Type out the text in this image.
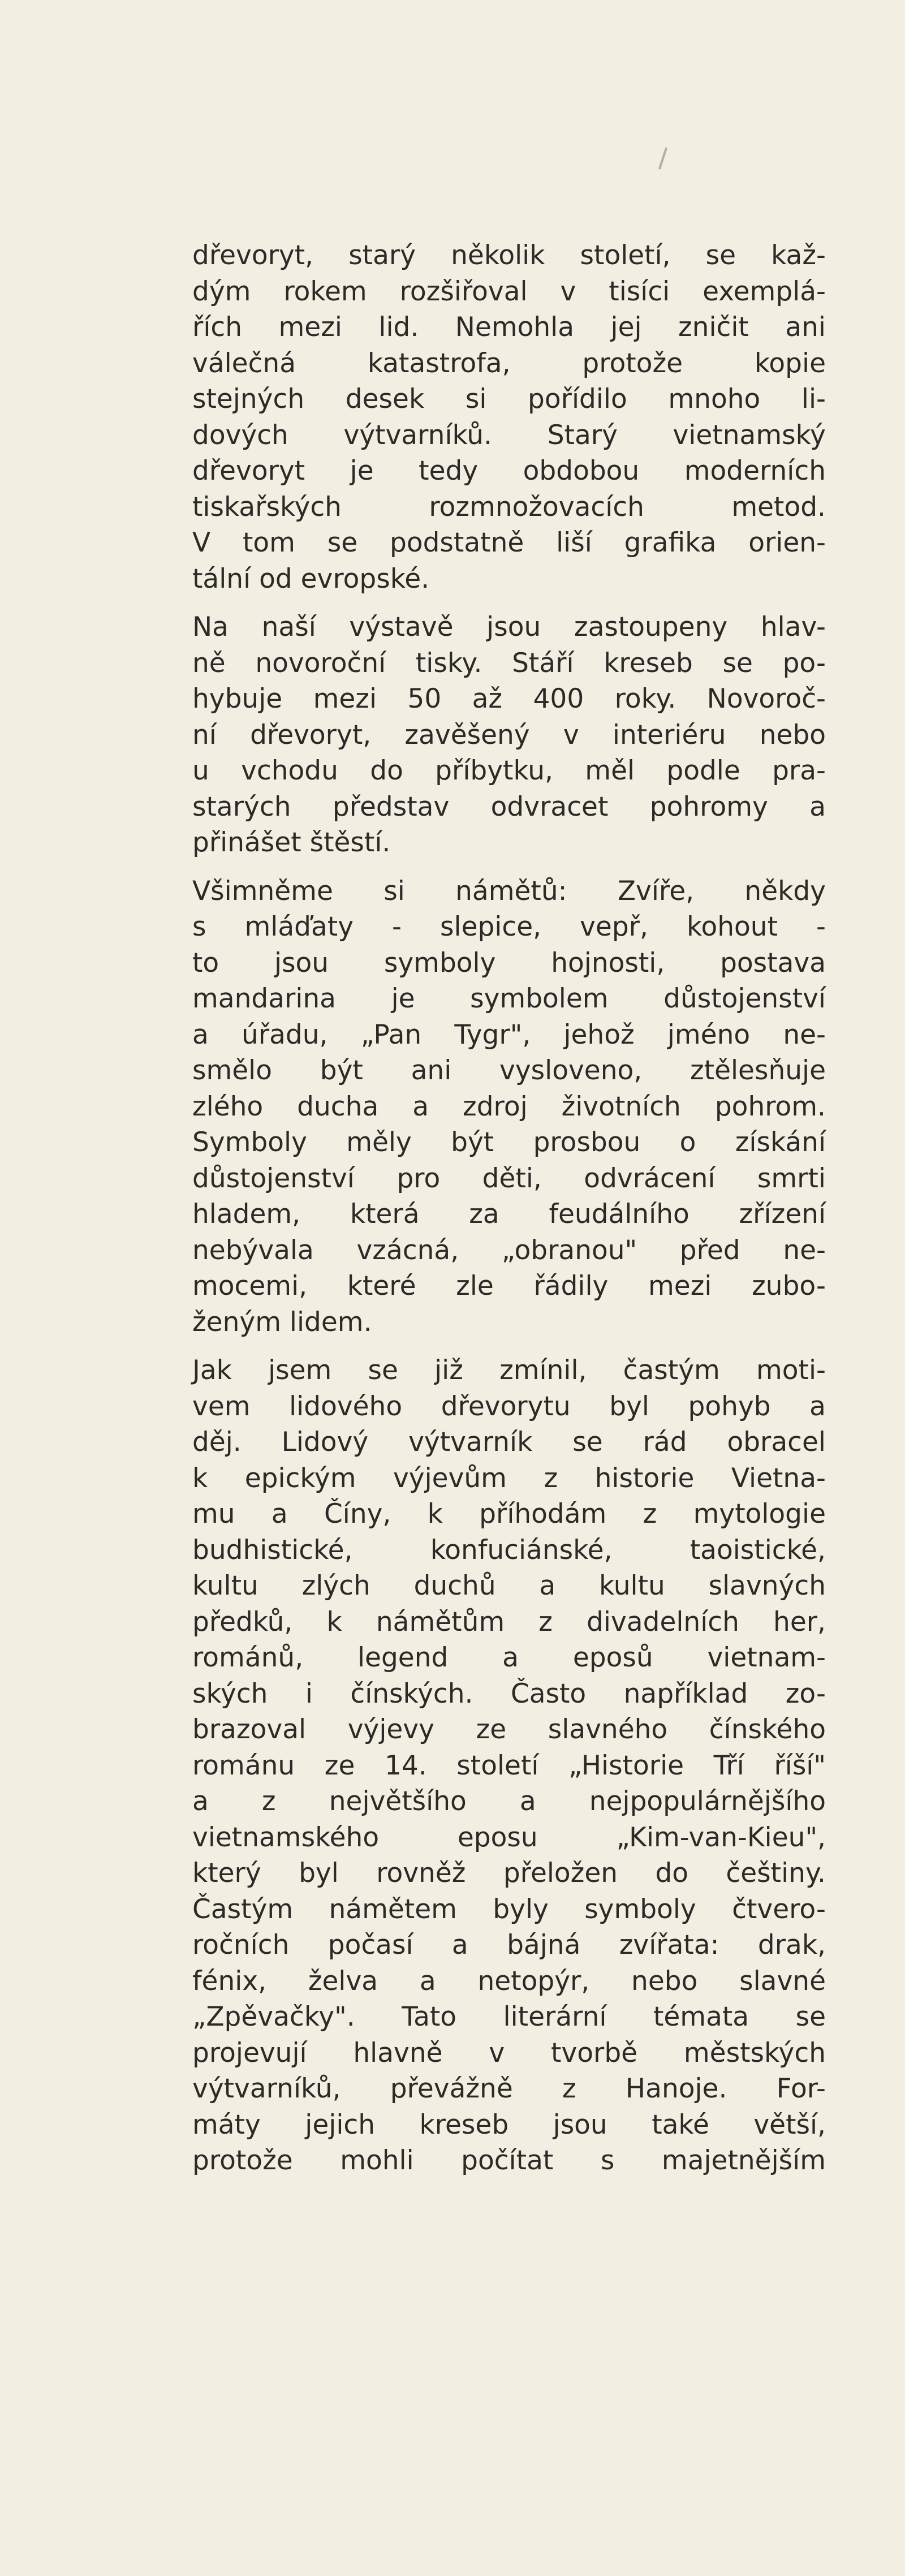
dřevoryt, starý několik století, se kaž-
dým rokem rozšiřoval v tisíci exemplá-
řích mezi lid. Nemohla jej zničit ani
válečná katastrofa, protože kopie
stejných desek si pořídilo mnoho li-
dových výtvarníků. Starý vietnamský
dřevoryt je tedy obdobou moderních
tiskařských rozmnožovacích metod.
V tom se podstatně liší grafika orien-
tální od evropské.
Na naší výstavě jsou zastoupeny hlav-
ně novoroční tisky. Stáří kreseb se po-
hybuje mezi 50 až 400 roky. Novoroč-
ní dřevoryt, zavěšený v interiéru nebo
u vchodu do příbytku, měl podle pra-
starých představ odvracet pohromy a
přinášet štěstí.
Všimněme si námětů: Zvíře, někdy
s mláďaty - slepice, vepř, kohout -
to jsou symboly hojnosti, postava
mandarina je symbolem důstojenství
a úřadu, „Pan Tygr", jehož jméno ne-
smělo být ani vysloveno, ztělesňuje
zlého ducha a zdroj životních pohrom.
Symboly měly být prosbou o získání
důstojenství pro děti, odvrácení smrti
hladem, která za feudálního zřízení
nebývala vzácná, „obranou" před ne-
mocemi, které zle řádily mezi zubo-
ženým lidem.
Jak jsem se již zmínil, častým moti-
vem lidového dřevorytu byl pohyb a
děj. Lidový výtvarník se rád obracel
k epickým výjevům z historie Vietna-
mu a Číny, k příhodám z mytologie
budhistické, konfuciánské, taoistické,
kultu zlých duchů a kultu slavných
předků, k námětům z divadelních her,
románů, legend a eposů vietnam-
ských i čínských. Často například zo-
brazoval výjevy ze slavného čínského
románu ze 14. století „Historie Tří říší"
a z největšího a nejpopulárnějšího
vietnamského eposu „Kim-van-Kieu",
který byl rovněž přeložen do češtiny.
Častým námětem byly symboly čtvero-
ročních počasí a bájná zvířata: drak,
fénix, želva a netopýr, nebo slavné
„Zpěvačky". Tato literární témata se
projevují hlavně v tvorbě městských
výtvarníků, převážně z Hanoje. For-
máty jejich kreseb jsou také větší,
protože mohli počítat s majetnějším
